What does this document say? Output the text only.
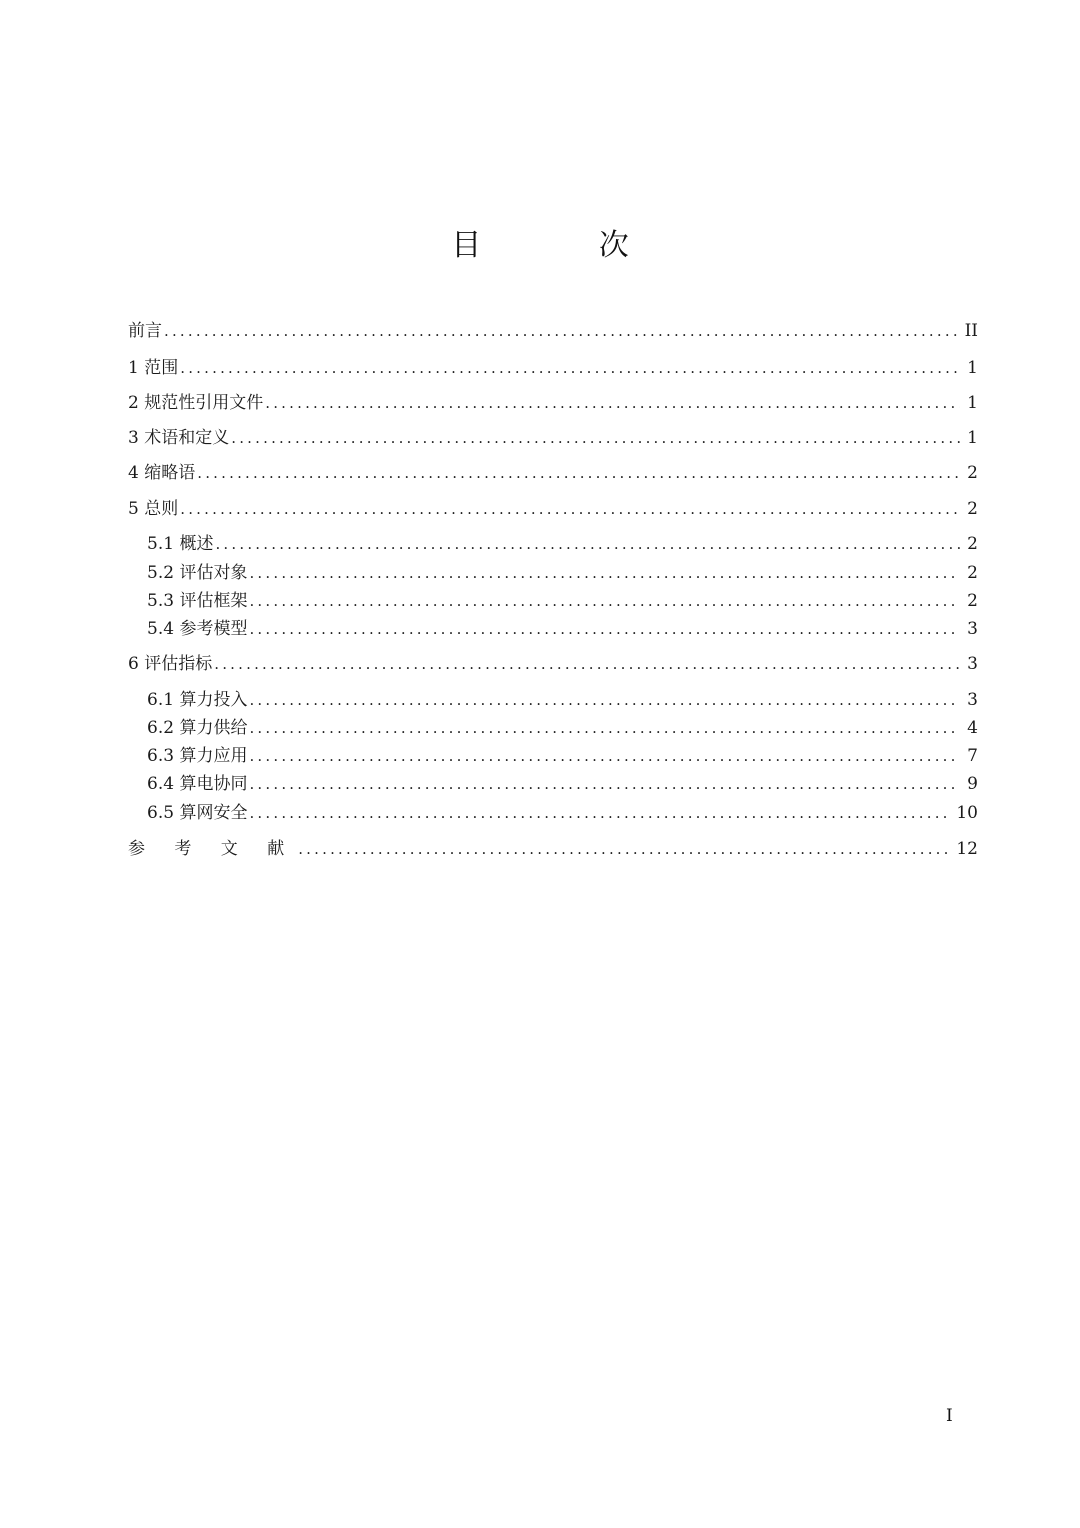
目 次
前言 .....	II
1 范围 .....	1
2 规范性引用文件 .....	1
3 术语和定义 .....	1
4 缩略语 .....	2
5 总则 .....	2
5.1 概述 .....	2
5.2 评估对象 .....	2
5.3 评估框架 .....	2
5.4 参考模型 .....	3
6 评估指标 .....	3
6.1 算力投入 .....	3
6.2 算力供给 .....	4
6.3 算力应用 .....	7
6.4 算电协同 .....	9
6.5 算网安全 .....	10
参 考 文 献 .....	12
I
